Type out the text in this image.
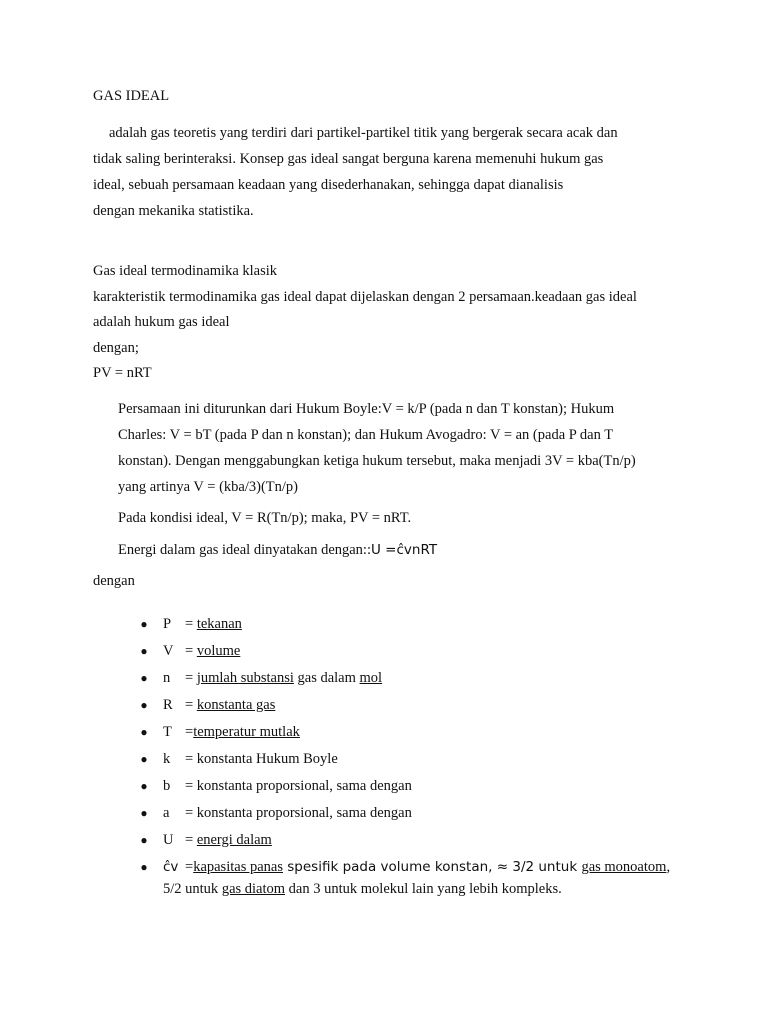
GAS IDEAL
adalah gas teoretis yang terdiri dari partikel-partikel titik yang bergerak secara acak dan
tidak saling berinteraksi. Konsep gas ideal sangat berguna karena memenuhi hukum gas
ideal, sebuah persamaan keadaan yang disederhanakan, sehingga dapat dianalisis
dengan mekanika statistika.
Gas ideal termodinamika klasik
karakteristik termodinamika gas ideal dapat dijelaskan dengan 2 persamaan.keadaan gas ideal
adalah hukum gas ideal
dengan;
PV = nRT
Persamaan ini diturunkan dari Hukum Boyle:V = k/P (pada n dan T konstan); Hukum
Charles: V = bT (pada P dan n konstan); dan Hukum Avogadro: V = an (pada P dan T
konstan). Dengan menggabungkan ketiga hukum tersebut, maka menjadi 3V = kba(Tn/p)
yang artinya V = (kba/3)(Tn/p)
Pada kondisi ideal, V = R(Tn/p); maka, PV = nRT.
Energi dalam gas ideal dinyatakan dengan::U =ĉvnRT
dengan
● P = tekanan
● V = volume
● n = jumlah substansi gas dalam mol
● R = konstanta gas
● T =temperatur mutlak
● k = konstanta Hukum Boyle
● b = konstanta proporsional, sama dengan
● a = konstanta proporsional, sama dengan
● U = energi dalam
● ĉv =kapasitas panas spesifik pada volume konstan, ≈ 3/2 untuk gas monoatom,
5/2 untuk gas diatom dan 3 untuk molekul lain yang lebih kompleks.
